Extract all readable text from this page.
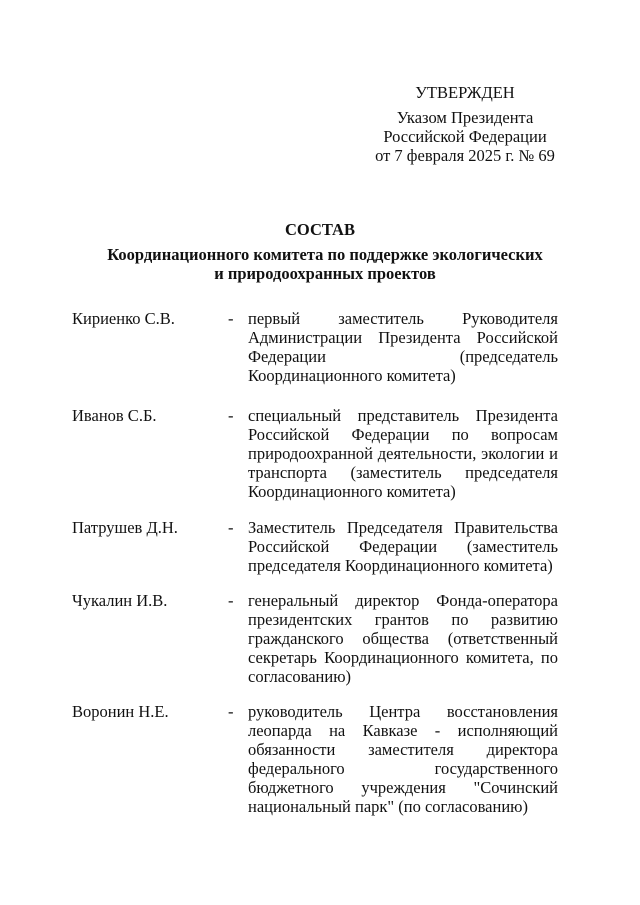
УТВЕРЖДЕН
Указом Президента
Российской Федерации
от 7 февраля 2025 г. № 69
СОСТАВ
Координационного комитета по поддержке экологических
и природоохранных проектов
Кириенко С.В.	- первый заместитель Руководителя Администрации Президента Российской Федерации (председатель Координационного комитета)
Иванов С.Б.	- специальный представитель Президента Российской Федерации по вопросам природоохранной деятельности, экологии и транспорта (заместитель председателя Координационного комитета)
Патрушев Д.Н.	- Заместитель Председателя Правительства Российской Федерации (заместитель председателя Координационного комитета)
Чукалин И.В.	- генеральный директор Фонда-оператора президентских грантов по развитию гражданского общества (ответственный секретарь Координационного комитета, по согласованию)
Воронин Н.Е.	- руководитель Центра восстановления леопарда на Кавказе - исполняющий обязанности заместителя директора федерального государственного бюджетного учреждения "Сочинский национальный парк" (по согласованию)
